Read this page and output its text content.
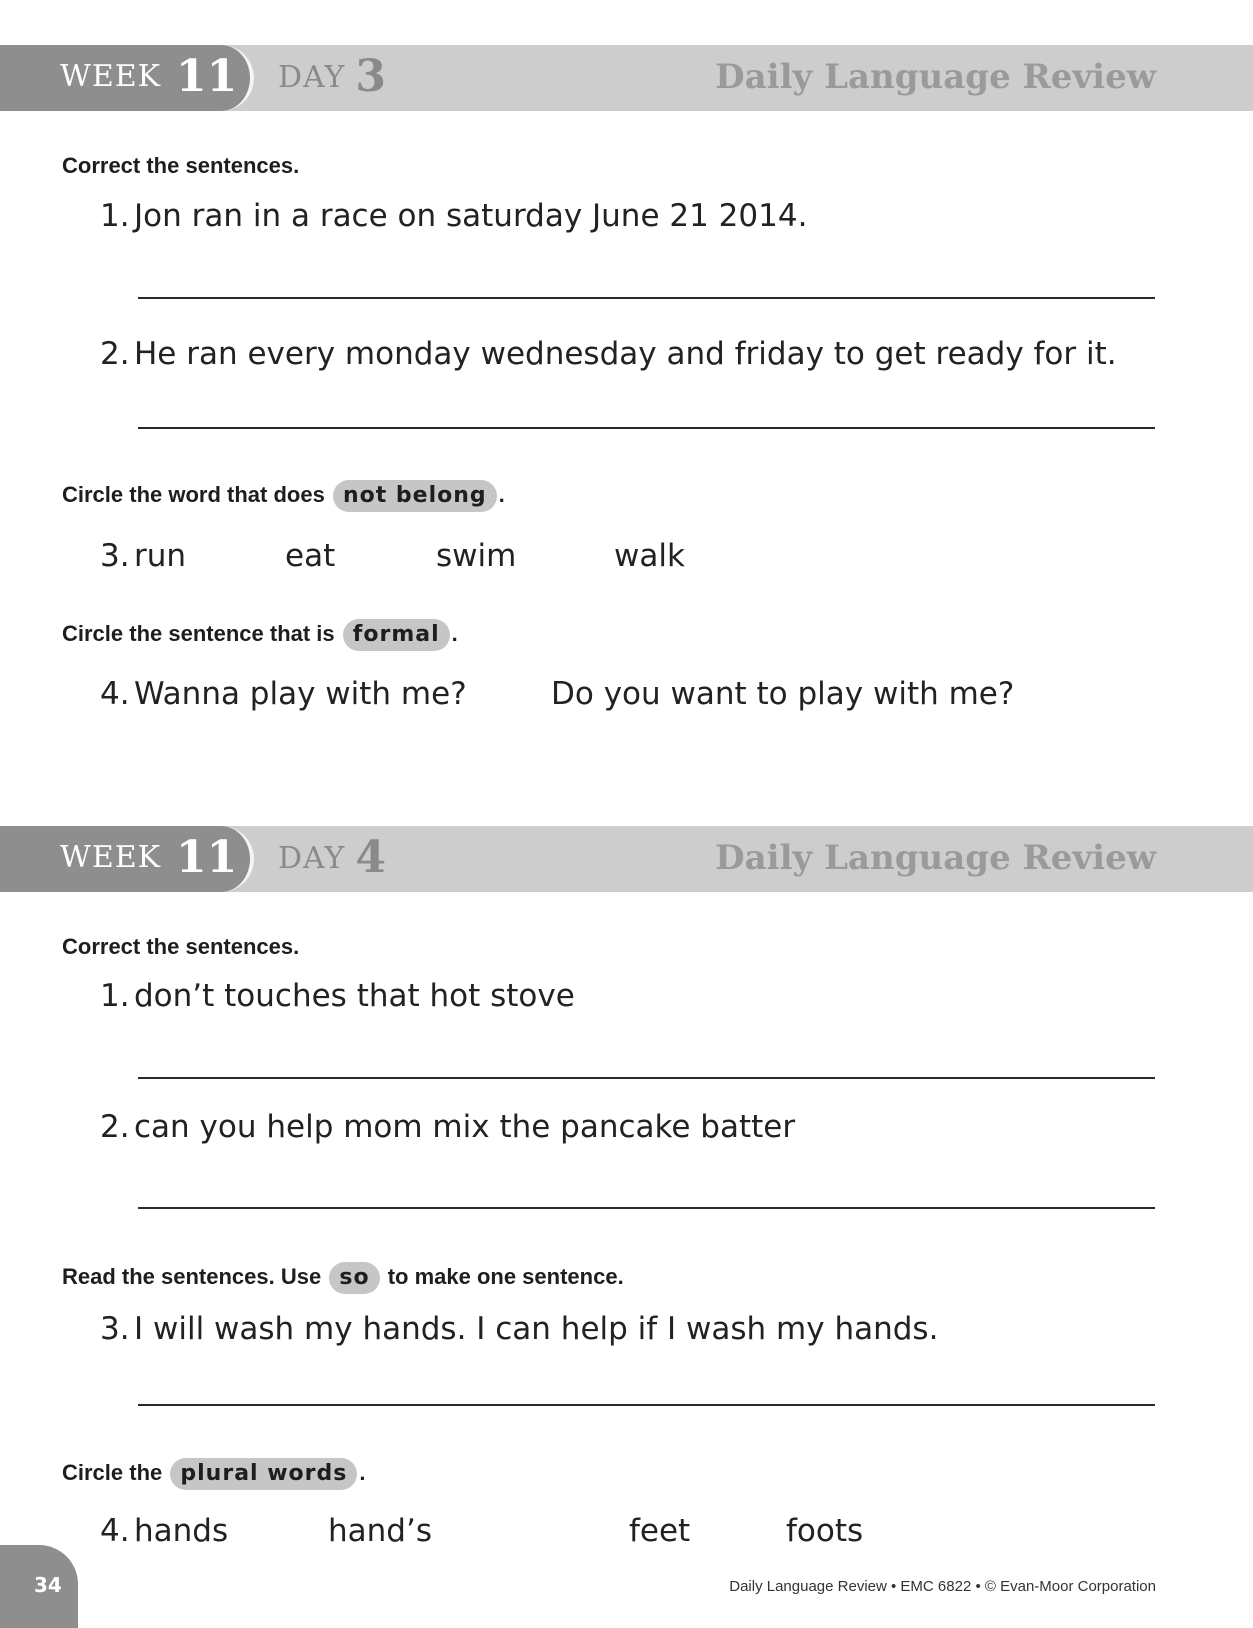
WEEK 11 DAY 3	Daily Language Review
Correct the sentences.
1. Jon ran in a race on saturday June 21 2014.
2. He ran every monday wednesday and friday to get ready for it.
Circle the word that does not belong .
3. run	eat	swim	walk
Circle the sentence that is formal .
4. Wanna play with me?	Do you want to play with me?
WEEK 11 DAY 4	Daily Language Review
Correct the sentences.
1. don’t touches that hot stove
2. can you help mom mix the pancake batter
Read the sentences. Use so to make one sentence.
3. I will wash my hands. I can help if I wash my hands.
Circle the plural words .
4. hands	hand’s	feet	foots
34	Daily Language Review • EMC 6822 • © Evan-Moor Corporation
